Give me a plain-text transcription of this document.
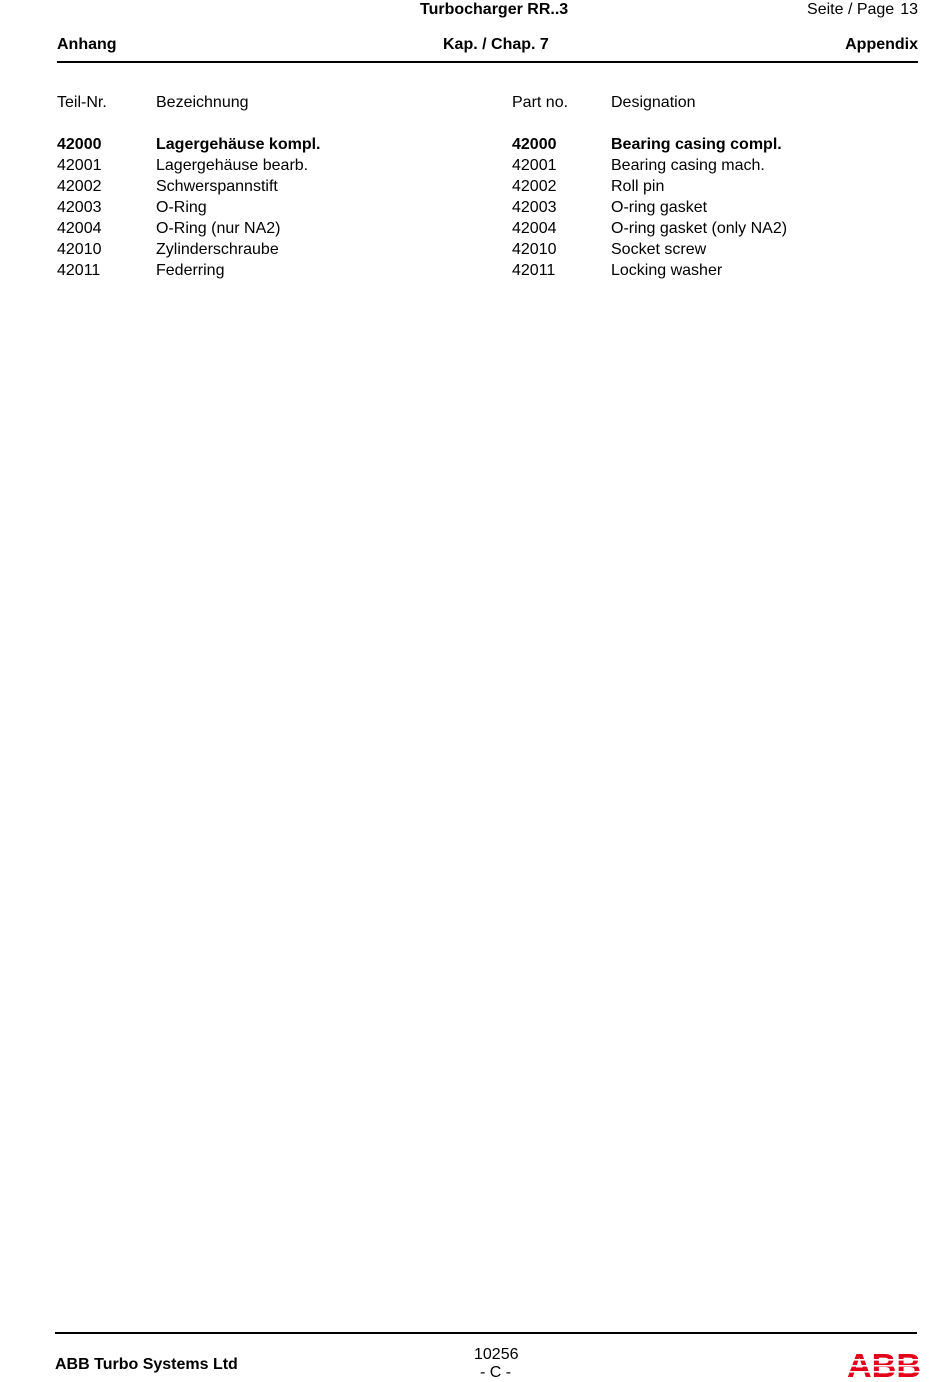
Turbocharger RR..3	Seite / Page 13
Anhang	Kap. / Chap. 7	Appendix
Teil-Nr.	Bezeichnung	Part no.	Designation
42000	Lagergehäuse kompl.	42000	Bearing casing compl.
42001	Lagergehäuse bearb.	42001	Bearing casing mach.
42002	Schwerspannstift	42002	Roll pin
42003	O-Ring	42003	O-ring gasket
42004	O-Ring (nur NA2)	42004	O-ring gasket (only NA2)
42010	Zylinderschraube	42010	Socket screw
42011	Federring	42011	Locking washer
ABB Turbo Systems Ltd
10256
- C -
